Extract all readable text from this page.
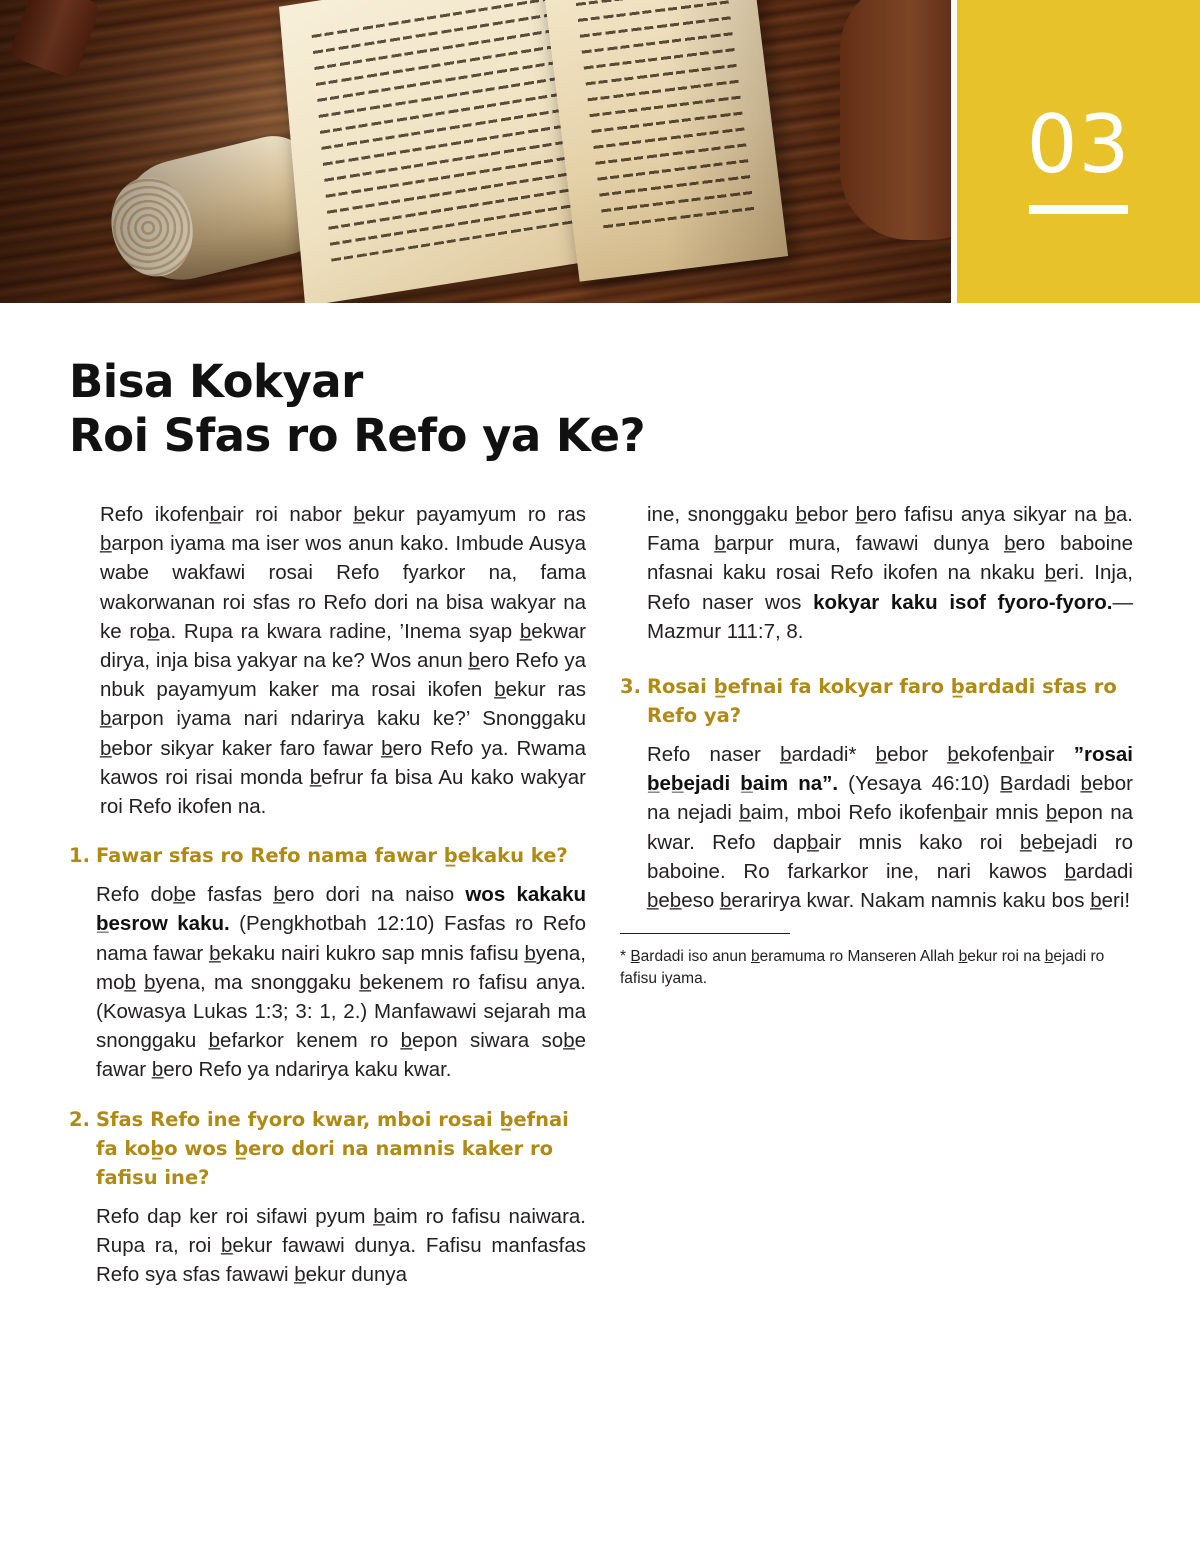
03
Bisa Kokyar
Roi Sfas ro Refo ya Ke?

Refo ikofenb̲air roi nabor b̲ekur payamyum ro ras b̲arpon iyama ma iser wos anun kako. Imbude Ausya wabe wakfawi rosai Refo fyarkor na, fama wakorwanan roi sfas ro Refo dori na bisa wakyar na ke rob̲a. Rupa ra kwara radine, ’Inema syap b̲ekwar dirya, inja bisa yakyar na ke? Wos anun b̲ero Refo ya nbuk payamyum kaker ma rosai ikofen b̲ekur ras b̲arpon iyama nari ndarirya kaku ke?’ Snonggaku b̲ebor sikyar kaker faro fawar b̲ero Refo ya. Rwama kawos roi risai monda b̲efrur fa bisa Au kako wakyar roi Refo ikofen na.

1. Fawar sfas ro Refo nama fawar b̲ekaku ke?

Refo dob̲e fasfas b̲ero dori na naiso wos kakaku b̲esrow kaku. (Pengkhotbah 12:10) Fasfas ro Refo nama fawar b̲ekaku nairi kukro sap mnis fafisu b̲yena, mob̲ b̲yena, ma snonggaku b̲ekenem ro fafisu anya. (Kowasya Lukas 1:3; 3: 1, 2.) Manfawawi sejarah ma snonggaku b̲efarkor kenem ro b̲epon siwara sob̲e fawar b̲ero Refo ya ndarirya kaku kwar.

2. Sfas Refo ine fyoro kwar, mboi rosai b̲efnai fa kob̲o wos b̲ero dori na namnis kaker ro fafisu ine?

Refo dap ker roi sifawi pyum b̲aim ro fafisu naiwara. Rupa ra, roi b̲ekur fawawi dunya. Fafisu manfasfas Refo sya sfas fawawi b̲ekur dunya

ine, snonggaku b̲ebor b̲ero fafisu anya sikyar na b̲a. Fama b̲arpur mura, fawawi dunya b̲ero baboine nfasnai kaku rosai Refo ikofen na nkaku b̲eri. Inja, Refo naser wos kokyar kaku isof fyoro-fyoro.—Mazmur 111:7, 8.

3. Rosai b̲efnai fa kokyar faro b̲ardadi sfas ro Refo ya?

Refo naser b̲ardadi* b̲ebor b̲ekofenb̲air ”rosai b̲eb̲ejadi b̲aim na”. (Yesaya 46:10) B̲ardadi b̲ebor na nejadi b̲aim, mboi Refo ikofenb̲air mnis b̲epon na kwar. Refo dapb̲air mnis kako roi b̲eb̲ejadi ro baboine. Ro farkarkor ine, nari kawos b̲ardadi b̲eb̲eso b̲erarirya kwar. Nakam namnis kaku bos b̲eri!

* B̲ardadi iso anun b̲eramuma ro Manseren Allah b̲ekur roi na b̲ejadi ro fafisu iyama.
